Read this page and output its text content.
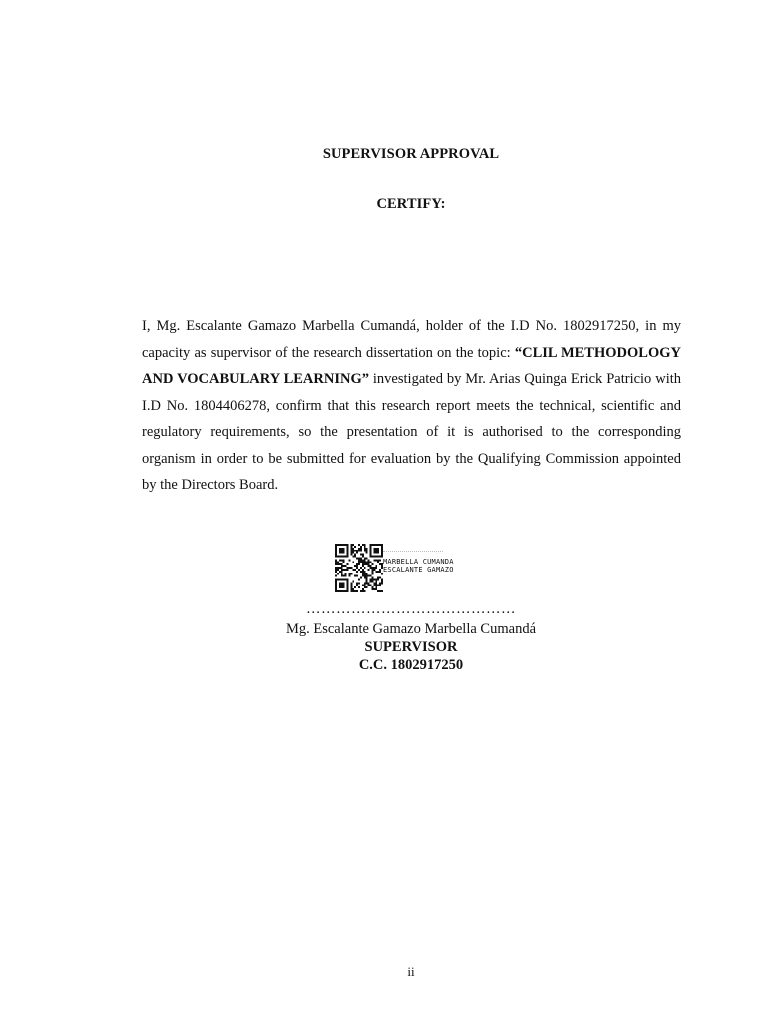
SUPERVISOR APPROVAL
CERTIFY:
I, Mg. Escalante Gamazo Marbella Cumandá, holder of the I.D No. 1802917250, in my capacity as supervisor of the research dissertation on the topic: “CLIL METHODOLOGY AND VOCABULARY LEARNING” investigated by Mr. Arias Quinga Erick Patricio with I.D No. 1804406278, confirm that this research report meets the technical, scientific and regulatory requirements, so the presentation of it is authorised to the corresponding organism in order to be submitted for evaluation by the Qualifying Commission appointed by the Directors Board.
MARBELLA CUMANDA
ESCALANTE GAMAZO
……………………………………
Mg. Escalante Gamazo Marbella Cumandá
SUPERVISOR
C.C. 1802917250
ii
